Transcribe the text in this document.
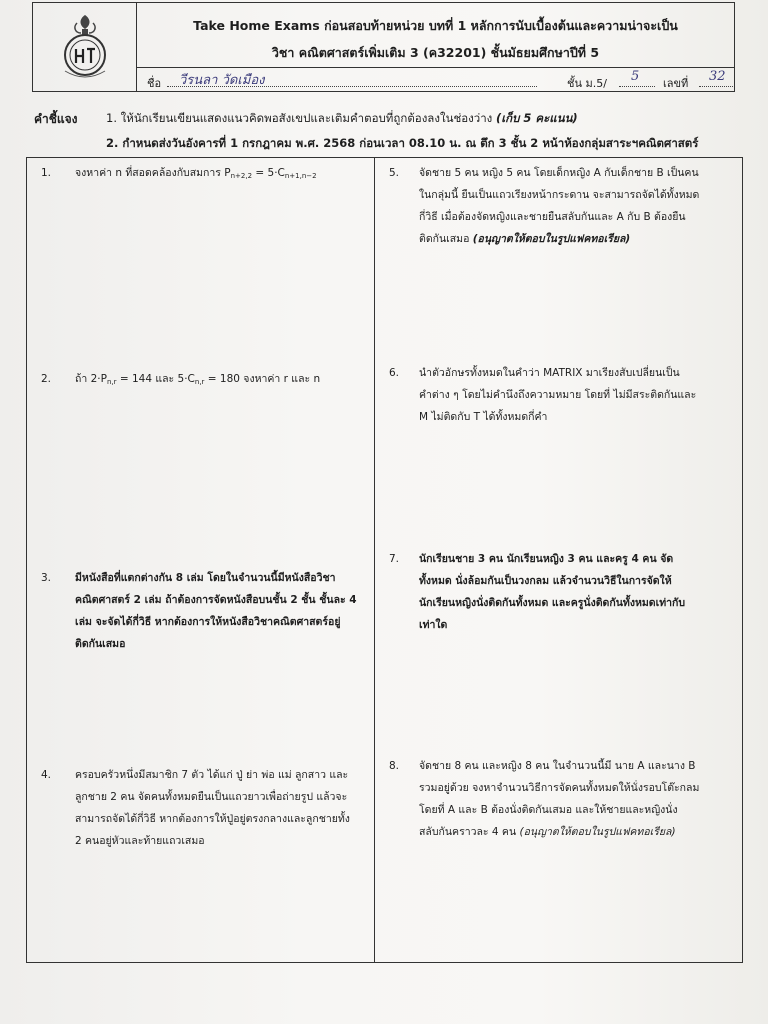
Take Home Exams ก่อนสอบท้ายหน่วย บทที่ 1 หลักการนับเบื้องต้นและความน่าจะเป็น
วิชา คณิตศาสตร์เพิ่มเติม 3 (ค32201) ชั้นมัธยมศึกษาปีที่ 5
ชื่อ วีรนลา วัดเมือง	ชั้น ม.5/ 5 เลขที่ 32
คำชี้แจง 1. ให้นักเรียนเขียนแสดงแนวคิดพอสังเขปและเติมคำตอบที่ถูกต้องลงในช่องว่าง (เก็บ 5 คะแนน)
2. กำหนดส่งวันอังคารที่ 1 กรกฎาคม พ.ศ. 2568 ก่อนเวลา 08.10 น. ณ ตึก 3 ชั้น 2 หน้าห้องกลุ่มสาระฯคณิตศาสตร์
1. จงหาค่า n ที่สอดคล้องกับสมการ $P_{n+2,2} = 5\cdot C_{n+1,n-2}$
2. ถ้า $2\cdot P_{n,r} = 144$ และ $5\cdot C_{n,r} = 180$ จงหาค่า r และ n
3. มีหนังสือที่แตกต่างกัน 8 เล่ม โดยในจำนวนนี้มีหนังสือวิชา
คณิตศาสตร์ 2 เล่ม ถ้าต้องการจัดหนังสือบนชั้น 2 ชั้น ชั้นละ 4
เล่ม จะจัดได้กี่วิธี หากต้องการให้หนังสือวิชาคณิตศาสตร์อยู่
ติดกันเสมอ
4. ครอบครัวหนึ่งมีสมาชิก 7 ตัว ได้แก่ ปู่ ย่า พ่อ แม่ ลูกสาว และ
ลูกชาย 2 คน จัดคนทั้งหมดยืนเป็นแถวยาวเพื่อถ่ายรูป แล้วจะ
สามารถจัดได้กี่วิธี หากต้องการให้ปู่อยู่ตรงกลางและลูกชายทั้ง
2 คนอยู่หัวและท้ายแถวเสมอ
5. จัดชาย 5 คน หญิง 5 คน โดยเด็กหญิง A กับเด็กชาย B เป็นคน
ในกลุ่มนี้ ยืนเป็นแถวเรียงหน้ากระดาน จะสามารถจัดได้ทั้งหมด
กี่วิธี เมื่อต้องจัดหญิงและชายยืนสลับกันและ A กับ B ต้องยืน
ติดกันเสมอ (อนุญาตให้ตอบในรูปแฟคทอเรียล)
6. นำตัวอักษรทั้งหมดในคำว่า MATRIX มาเรียงสับเปลี่ยนเป็น
คำต่าง ๆ โดยไม่คำนึงถึงความหมาย โดยที่ ไม่มีสระติดกันและ
M ไม่ติดกับ T ได้ทั้งหมดกี่คำ
7. นักเรียนชาย 3 คน นักเรียนหญิง 3 คน และครู 4 คน จัด
ทั้งหมด นั่งล้อมกันเป็นวงกลม แล้วจำนวนวิธีในการจัดให้
นักเรียนหญิงนั่งติดกันทั้งหมด และครูนั่งติดกันทั้งหมดเท่ากับ
เท่าใด
8. จัดชาย 8 คน และหญิง 8 คน ในจำนวนนี้มี นาย A และนาง B
รวมอยู่ด้วย จงหาจำนวนวิธีการจัดคนทั้งหมดให้นั่งรอบโต๊ะกลม
โดยที่ A และ B ต้องนั่งติดกันเสมอ และให้ชายและหญิงนั่ง
สลับกันคราวละ 4 คน (อนุญาตให้ตอบในรูปแฟคทอเรียล)
